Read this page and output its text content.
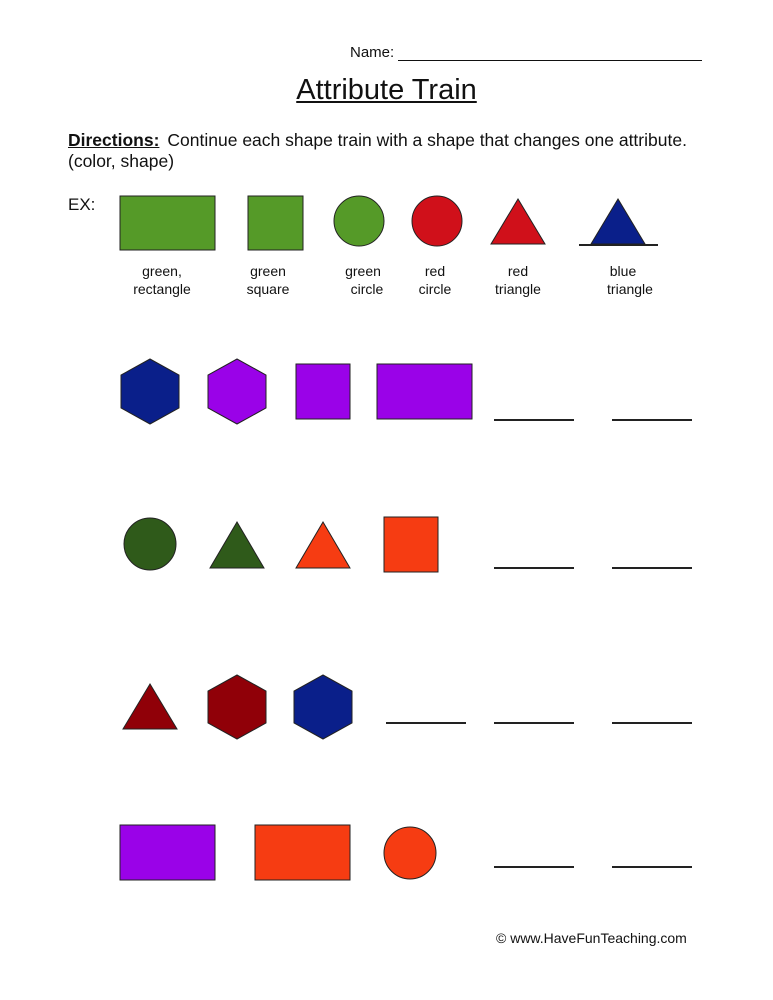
Name:
Attribute Train
Directions: Continue each shape train with a shape that changes one attribute. (color, shape)
EX:
green,
rectangle
green
square
green
circle
red
circle
red
triangle
blue
triangle
© www.HaveFunTeaching.com
